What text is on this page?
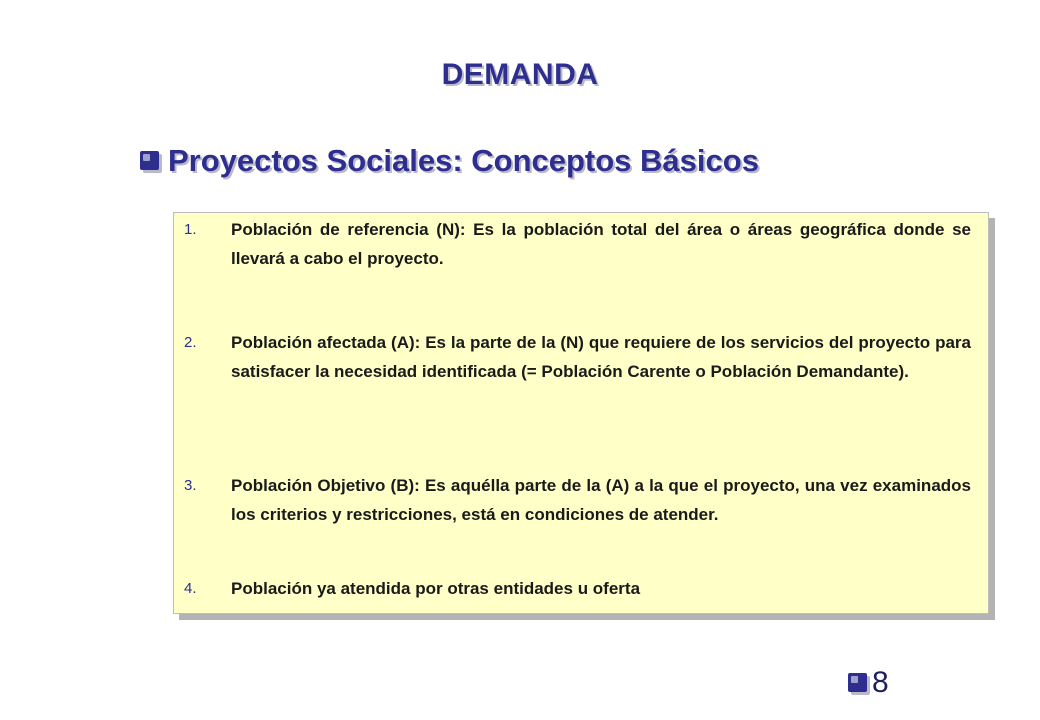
DEMANDA
Proyectos Sociales: Conceptos Básicos
1.	Población de referencia (N): Es la población total del área o áreas geográfica donde se llevará a cabo el proyecto.
2.	Población afectada (A): Es la parte de la (N) que requiere de los servicios del proyecto para satisfacer la necesidad identificada (= Población Carente o Población Demandante).
3.	Población Objetivo (B): Es aquélla parte de la (A) a la que el proyecto, una vez examinados los criterios y restricciones, está en condiciones de atender.
4.	Población ya atendida por otras entidades u oferta
8
